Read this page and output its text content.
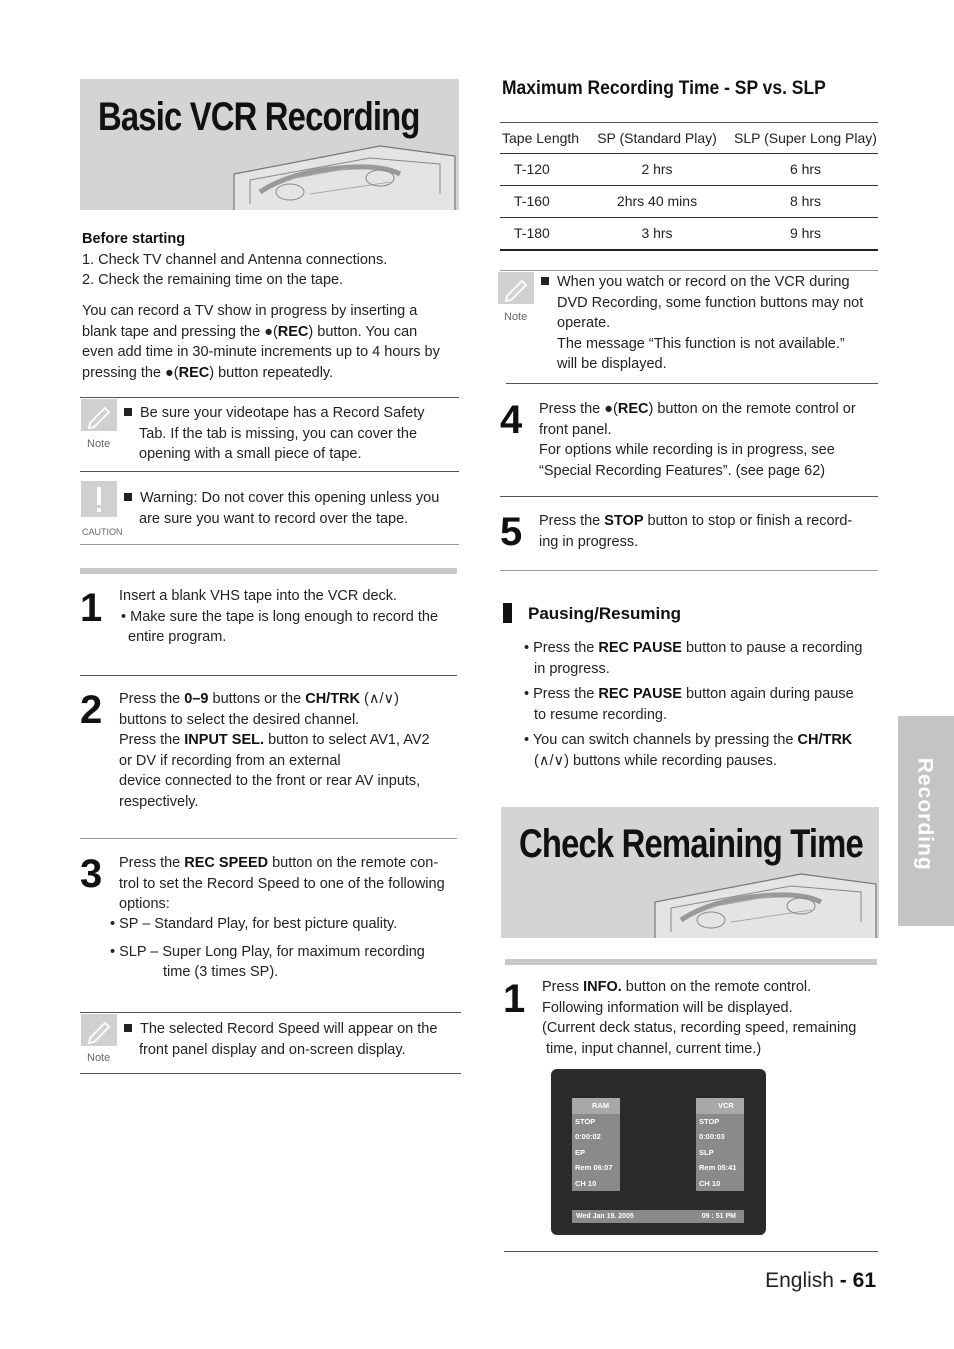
Basic VCR Recording

Before starting

1. Check TV channel and Antenna connections.

2. Check the remaining time on the tape.

You can record a TV show in progress by inserting a

blank tape and pressing the ●(REC) button. You can

even add time in 30-minute increments up to 4 hours by

pressing the ●(REC) button repeatedly.

Note

Be sure your videotape has a Record Safety

Tab. If the tab is missing, you can cover the

opening with a small piece of tape.

CAUTION

Warning: Do not cover this opening unless you

are sure you want to record over the tape.

1 Insert a blank VHS tape into the VCR deck.

• Make sure the tape is long enough to record the

entire program.

2 Press the 0–9 buttons or the CH/TRK (∧/∨)

buttons to select the desired channel.

Press the INPUT SEL. button to select AV1, AV2

or DV if recording from an external

device connected to the front or rear AV inputs,

respectively.

3 Press the REC SPEED button on the remote con-

trol to set the Record Speed to one of the following

options:

• SP – Standard Play, for best picture quality.

• SLP – Super Long Play, for maximum recording

time (3 times SP).

Note

The selected Record Speed will appear on the

front panel display and on-screen display.

Maximum Recording Time - SP vs. SLP
Tape Length	SP (Standard Play)	SLP (Super Long Play)
T-120	2 hrs	6 hrs
T-160	2hrs 40 mins	8 hrs
T-180	3 hrs	9 hrs
Note

When you watch or record on the VCR during

DVD Recording, some function buttons may not

operate.

The message “This function is not available.”

will be displayed.

4 Press the ●(REC) button on the remote control or

front panel.

For options while recording is in progress, see

“Special Recording Features”. (see page 62)

5 Press the STOP button to stop or finish a record-

ing in progress.

Pausing/Resuming

• Press the REC PAUSE button to pause a recording

in progress.

• Press the REC PAUSE button again during pause

to resume recording.

• You can switch channels by pressing the CH/TRK

(∧/∨) buttons while recording pauses.

Check Remaining Time
1 Press INFO. button on the remote control.

Following information will be displayed.

(Current deck status, recording speed, remaining

time, input channel, current time.)

RAM
STOP
0:00:02
EP
Rem 06:07
CH 10
VCR
STOP
0:00:03
SLP
Rem 05:41
CH 10
Wed Jan 19. 2005	09 : 51 PM
English - 61
Recording
